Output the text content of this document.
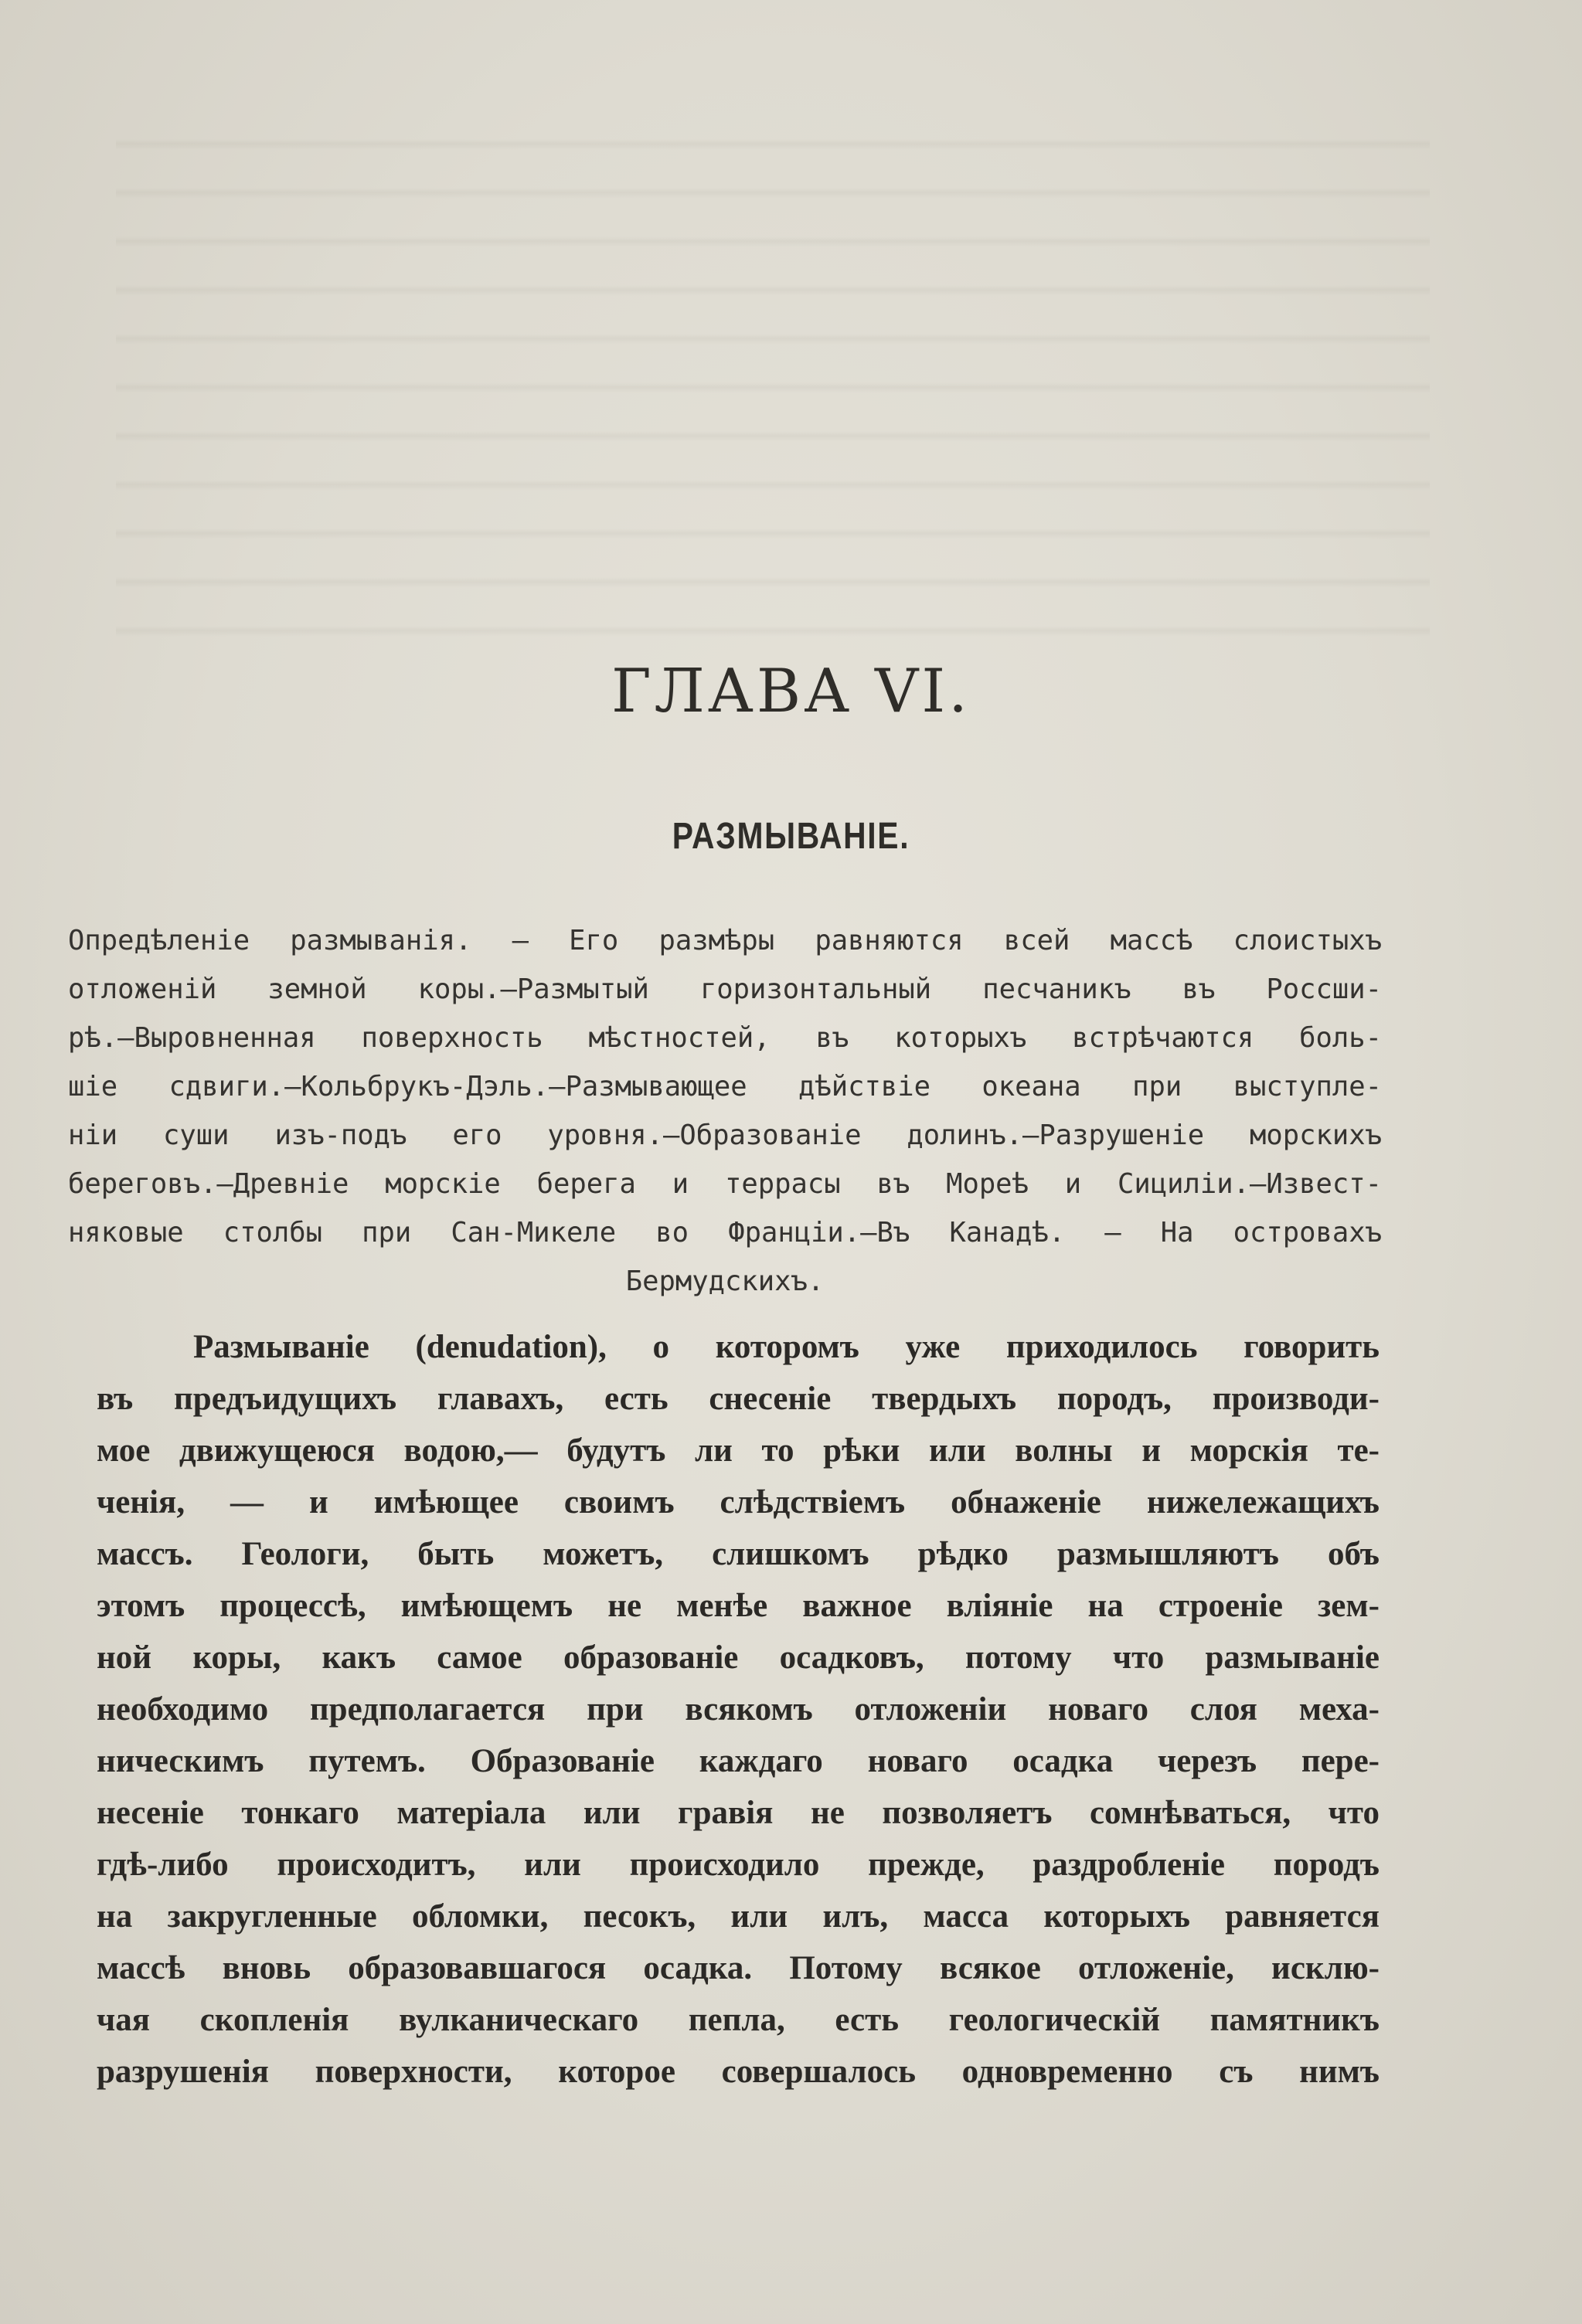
ГЛАВА VI.
РАЗМЫВАНІЕ.
Опредѣленіе размыванія. — Его размѣры равняются всей массѣ слоистыхъ
отложеній земной коры.—Размытый горизонтальный песчаникъ въ Россши-
рѣ.—Выровненная поверхность мѣстностей, въ которыхъ встрѣчаются боль-
шіе сдвиги.—Кольбрукъ-Дэль.—Размывающее дѣйствіе океана при выступле-
ніи суши изъ-подъ его уровня.—Образованіе долинъ.—Разрушеніе морскихъ
береговъ.—Древніе морскіе берега и террасы въ Мореѣ и Сициліи.—Извест-
няковые столбы при Сан-Микеле во Франціи.—Въ Канадѣ. — На островахъ
Бермудскихъ.
Размываніе (denudation), о которомъ уже приходилось говорить
въ предъидущихъ главахъ, есть снесеніе твердыхъ породъ, производи-
мое движущеюся водою,— будутъ ли то рѣки или волны и морскія те-
ченія, — и имѣющее своимъ слѣдствіемъ обнаженіе нижележащихъ
массъ. Геологи, быть можетъ, слишкомъ рѣдко размышляютъ объ
этомъ процессѣ, имѣющемъ не менѣе важное вліяніе на строеніе зем-
ной коры, какъ самое образованіе осадковъ, потому что размываніе
необходимо предполагается при всякомъ отложеніи новаго слоя меха-
ническимъ путемъ. Образованіе каждаго новаго осадка черезъ пере-
несеніе тонкаго матеріала или гравія не позволяетъ сомнѣваться, что
гдѣ-либо происходитъ, или происходило прежде, раздробленіе породъ
на закругленные обломки, песокъ, или илъ, масса которыхъ равняется
массѣ вновь образовавшагося осадка. Потому всякое отложеніе, исклю-
чая скопленія вулканическаго пепла, есть геологическій памятникъ
разрушенія поверхности, которое совершалось одновременно съ нимъ
